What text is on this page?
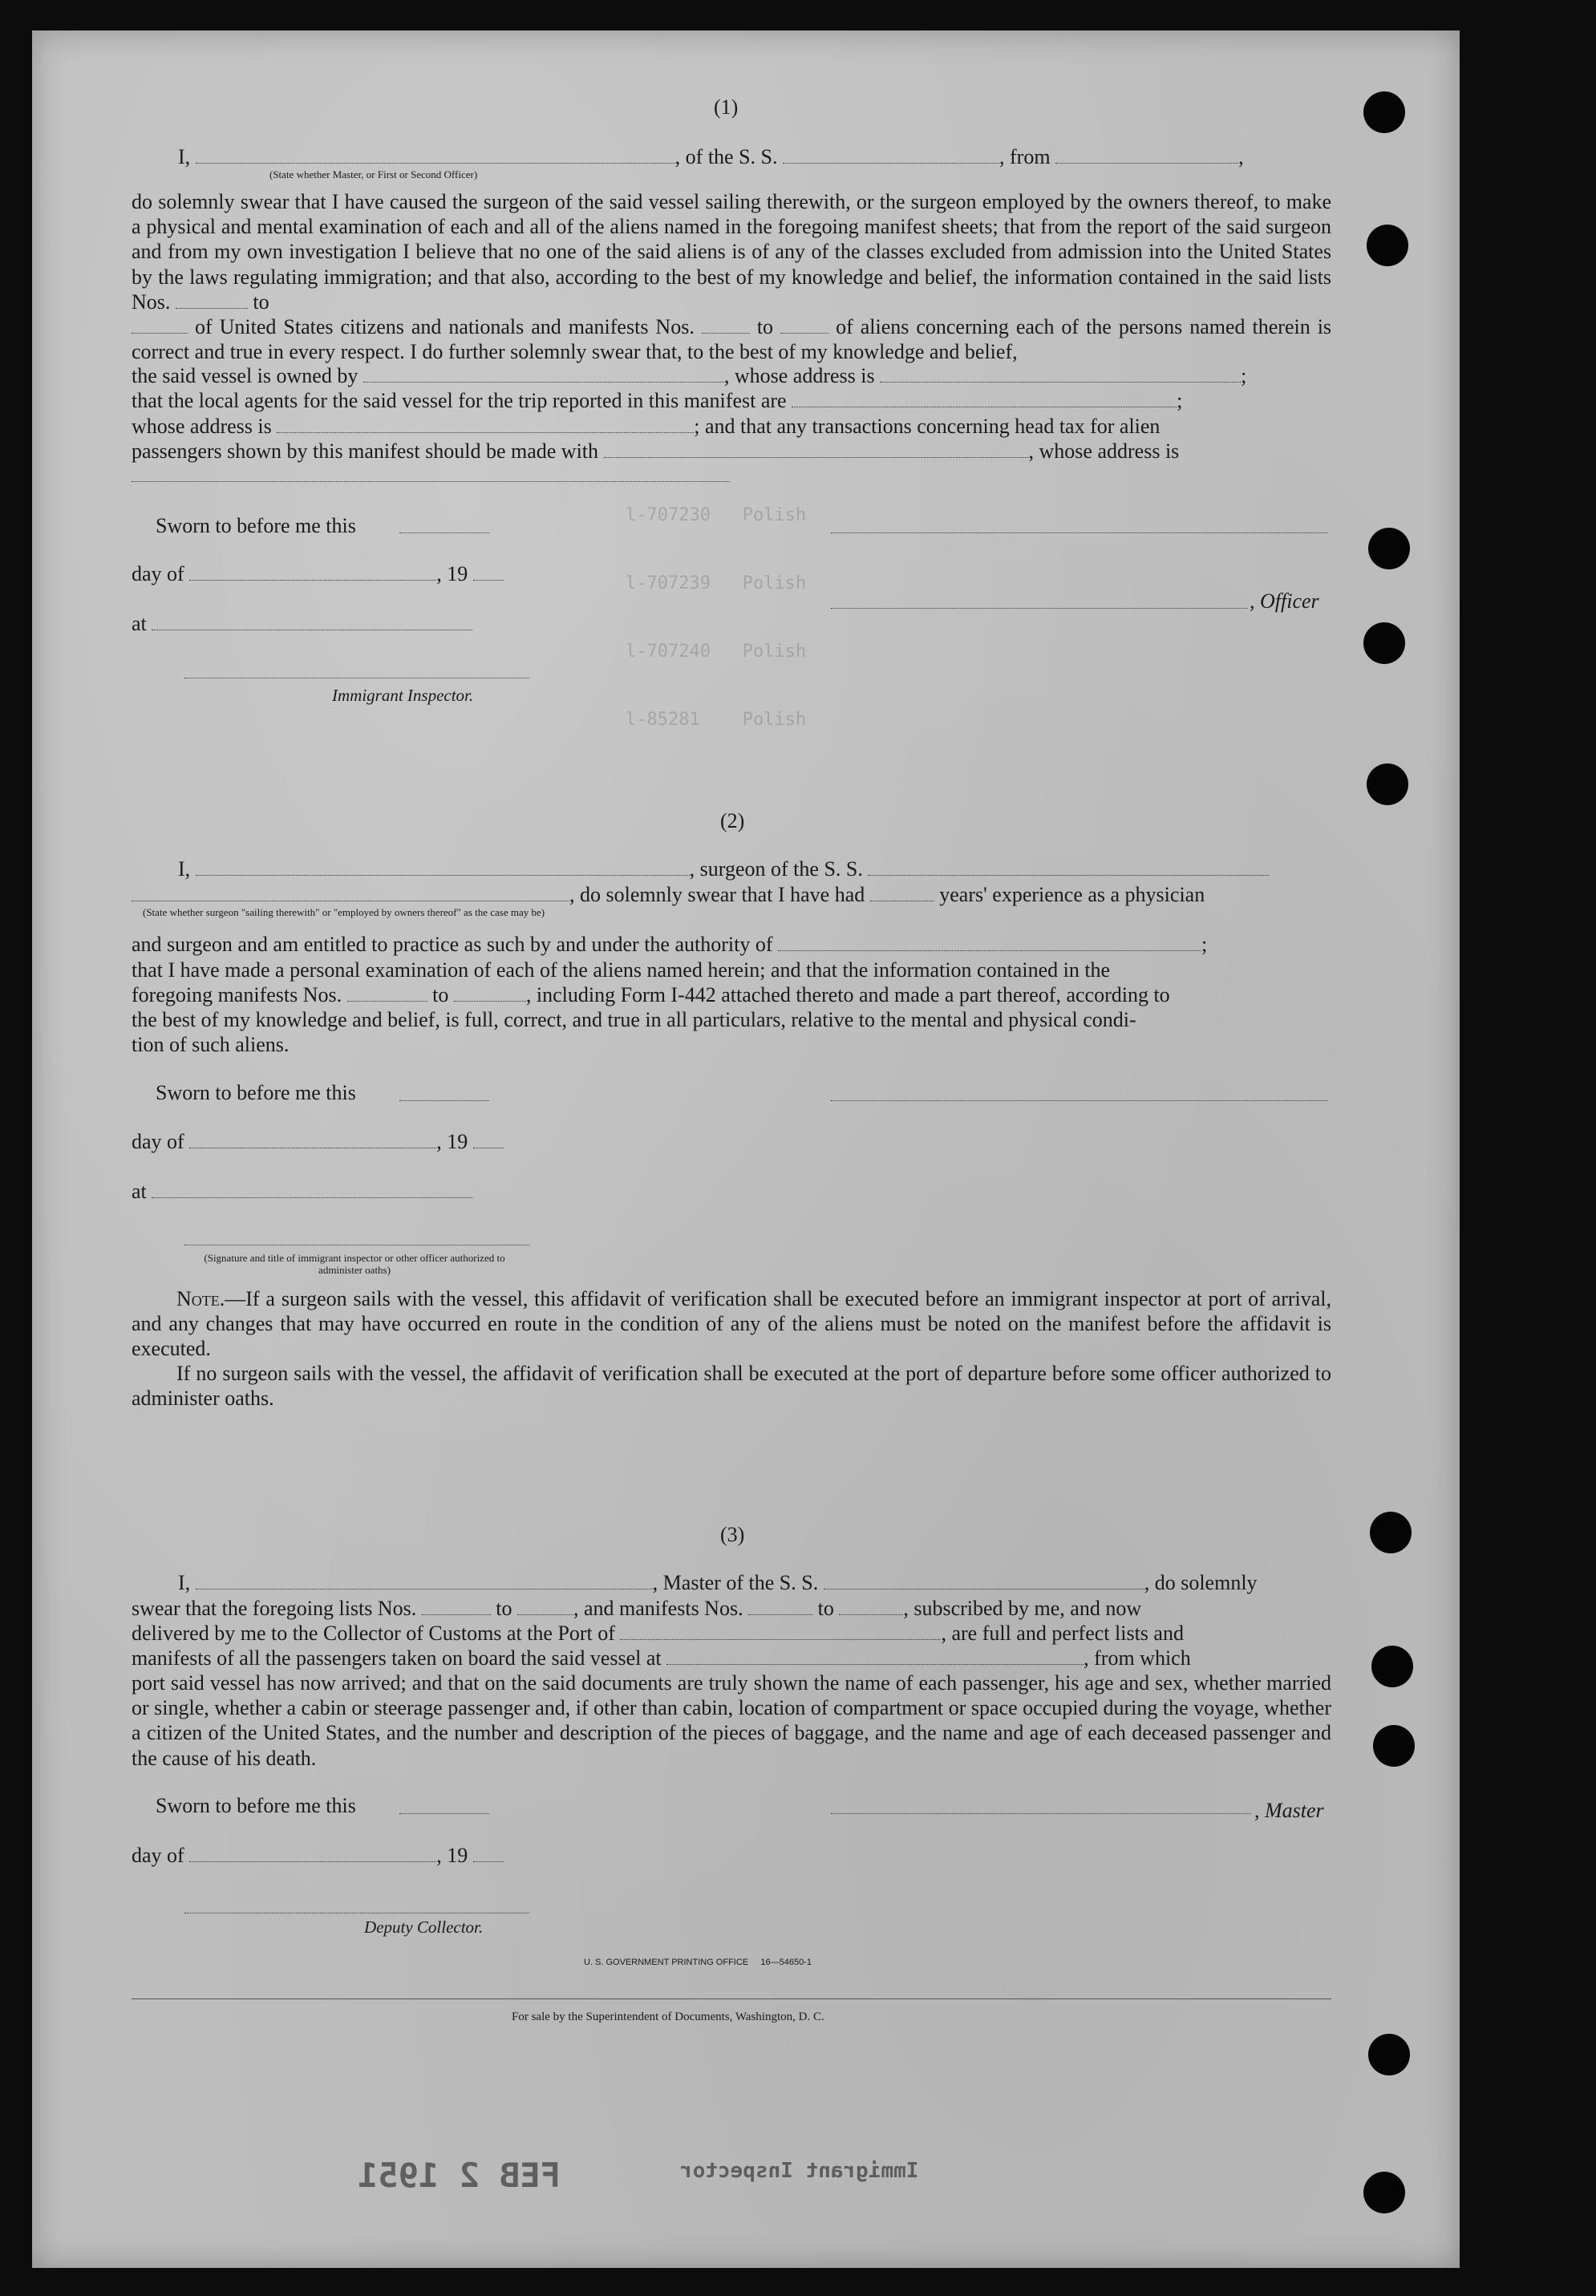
l-707230   Polish
l-707239   Polish
l-707240   Polish
l-85281    Polish
(1)
I,	, of the S. S.	, from	,
(State whether Master, or First or Second Officer)
do solemnly swear that I have caused the surgeon of the said vessel sailing therewith, or the surgeon employed by the owners thereof, to make a physical and mental examination of each and all of the aliens named in the foregoing manifest sheets; that from the report of the said surgeon and from my own investigation I believe that no one of the said aliens is of any of the classes excluded from admission into the United States by the laws regulating immigration; and that also, according to the best of my knowledge and belief, the information contained in the said lists Nos.	to
of United States citizens and nationals and manifests Nos.	to	of aliens concerning each of the persons named therein is correct and true in every respect. I do further solemnly swear that, to the best of my knowledge and belief,
the said vessel is owned by	, whose address is	;
that the local agents for the said vessel for the trip reported in this manifest are	;
whose address is	; and that any transactions concerning head tax for alien
passengers shown by this manifest should be made with	, whose address is
Sworn to before me this
day of	, 19
, Officer
at
Immigrant Inspector.
(2)
I,	, surgeon of the S. S.
, do solemnly swear that I have had	years' experience as a physician
(State whether surgeon "sailing therewith" or "employed by owners thereof" as the case may be)
and surgeon and am entitled to practice as such by and under the authority of	;
that I have made a personal examination of each of the aliens named herein; and that the information contained in the
foregoing manifests Nos.	to	, including Form I-442 attached thereto and made a part thereof, according to
the best of my knowledge and belief, is full, correct, and true in all particulars, relative to the mental and physical condi-
tion of such aliens.
Sworn to before me this
day of	, 19
at
(Signature and title of immigrant inspector or other officer authorized to administer oaths)
Note.—If a surgeon sails with the vessel, this affidavit of verification shall be executed before an immigrant inspector at port of arrival, and any changes that may have occurred en route in the condition of any of the aliens must be noted on the manifest before the affidavit is executed.
If no surgeon sails with the vessel, the affidavit of verification shall be executed at the port of departure before some officer authorized to administer oaths.
(3)
I,	, Master of the S. S.	, do solemnly
swear that the foregoing lists Nos.	to	, and manifests Nos.	to	, subscribed by me, and now
delivered by me to the Collector of Customs at the Port of	, are full and perfect lists and
manifests of all the passengers taken on board the said vessel at	, from which
port said vessel has now arrived; and that on the said documents are truly shown the name of each passenger, his age and sex, whether married or single, whether a cabin or steerage passenger and, if other than cabin, location of compartment or space occupied during the voyage, whether a citizen of the United States, and the number and description of the pieces of baggage, and the name and age of each deceased passenger and the cause of his death.
Sworn to before me this	, Master
day of	, 19
Deputy Collector.
U. S. GOVERNMENT PRINTING OFFICE     16—54650-1
For sale by the Superintendent of Documents, Washington, D. C.
FEB 2 1951	Immigrant Inspector
